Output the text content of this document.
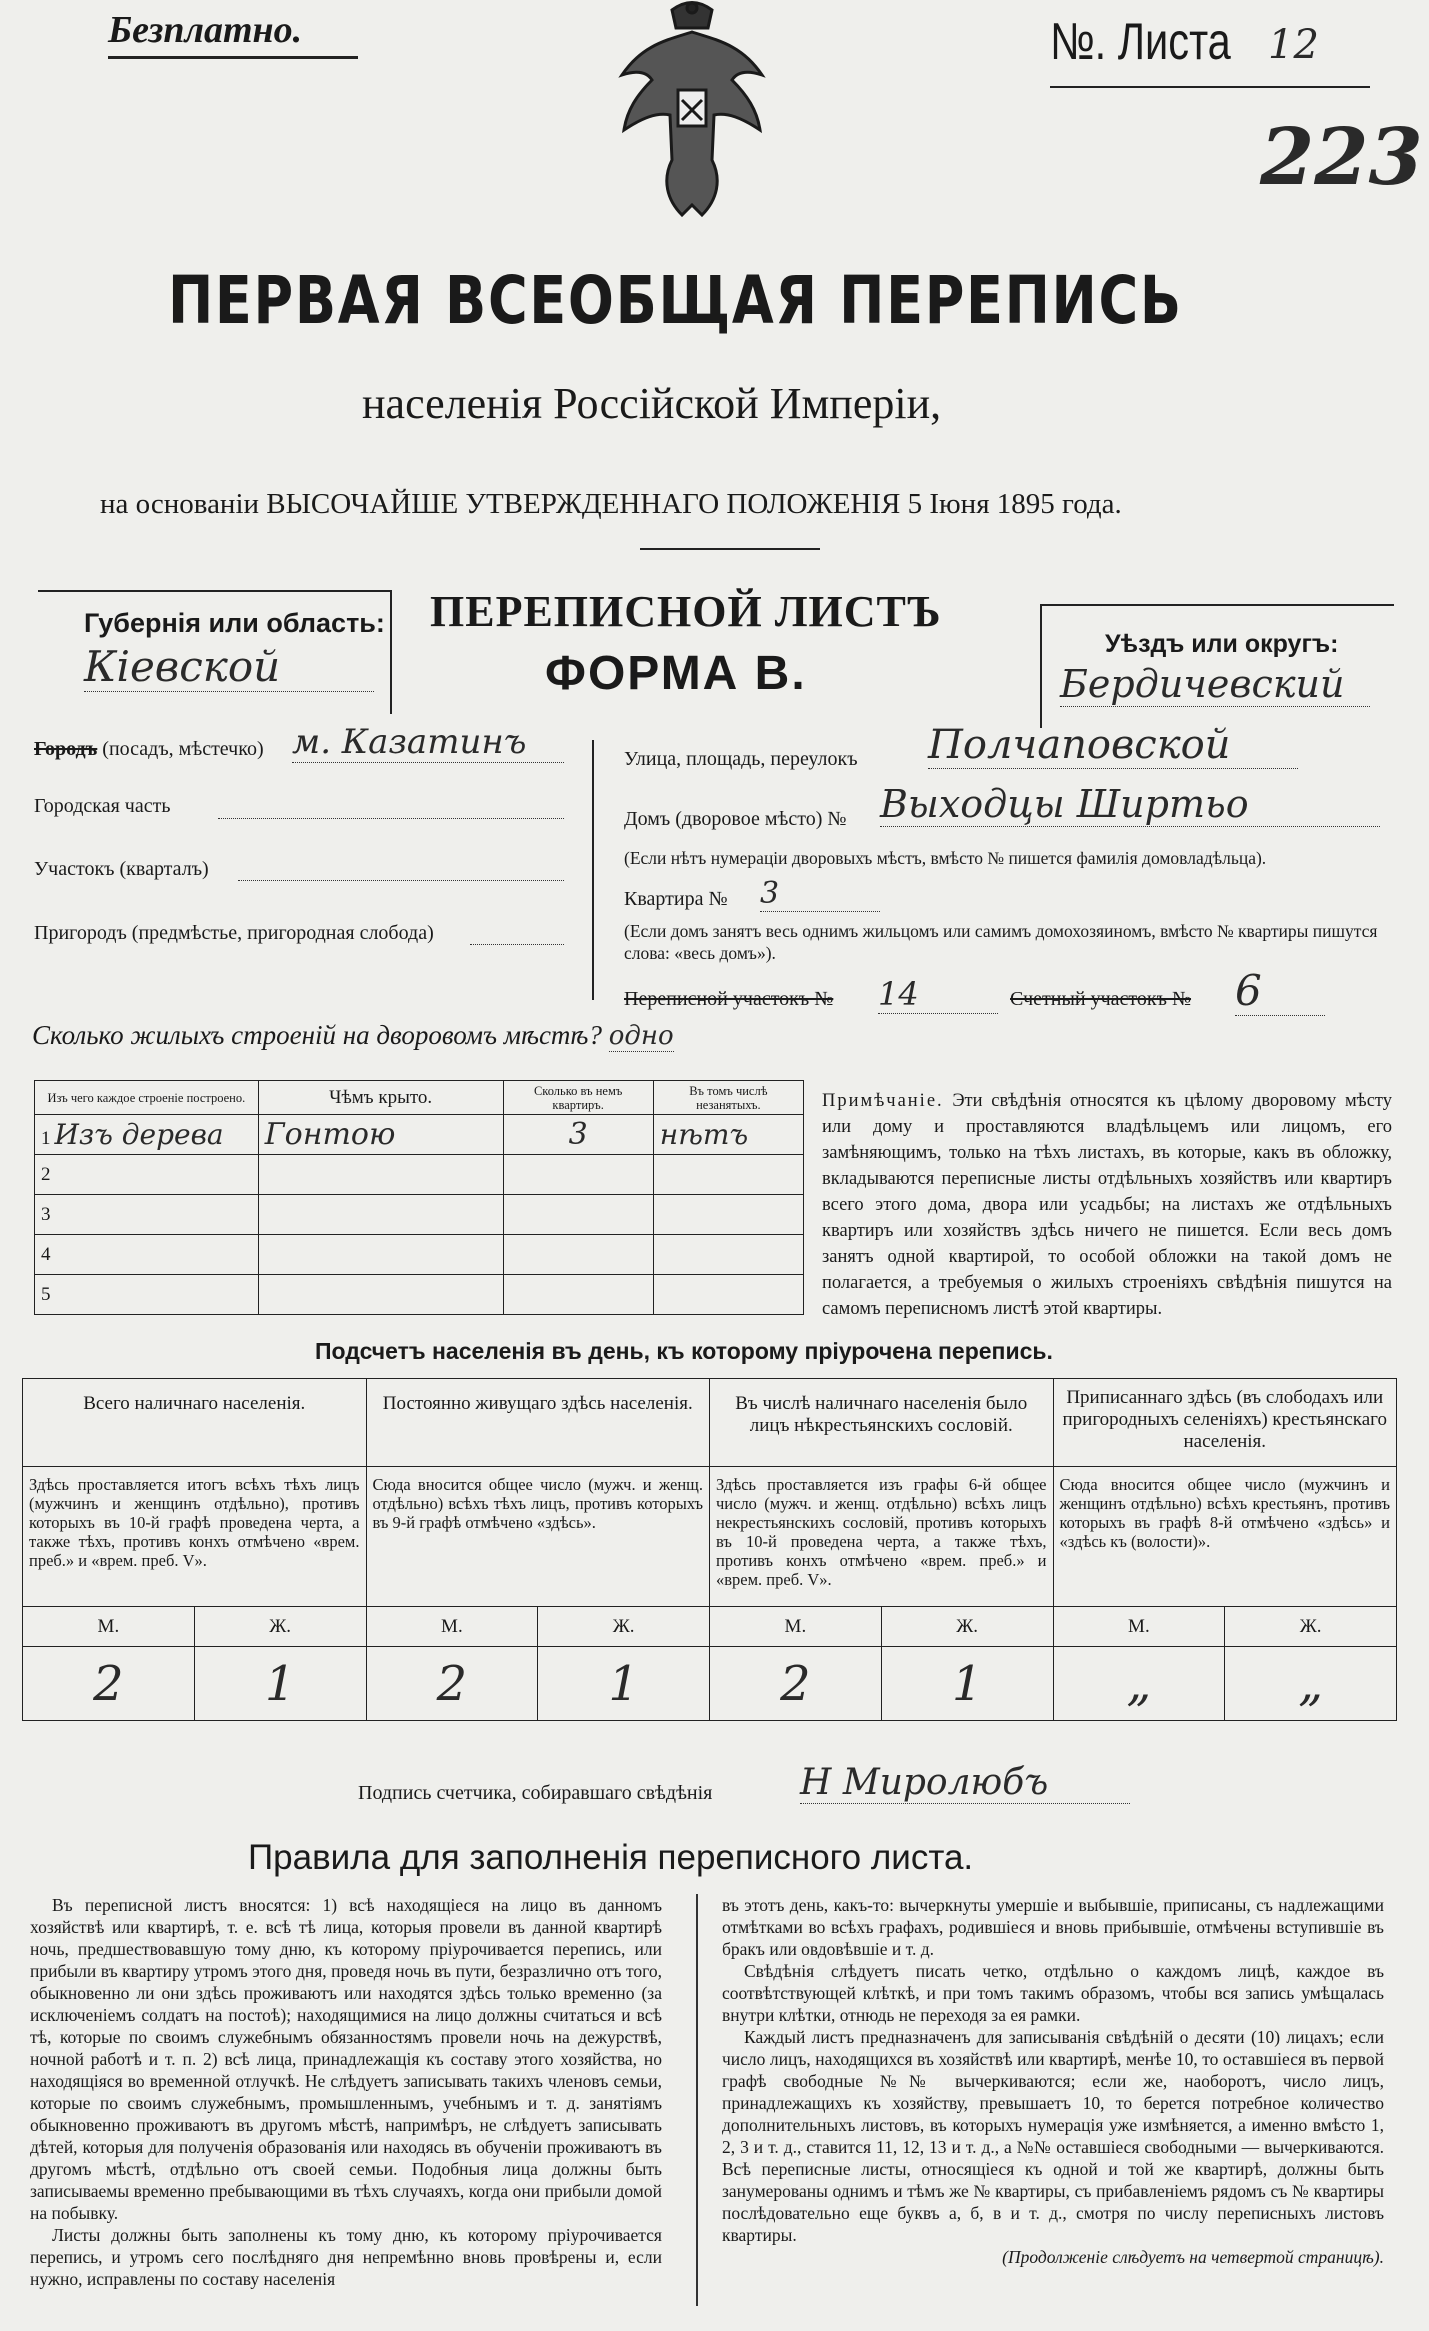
Безплатно.	№. Листа 12
223
ПЕРВАЯ ВСЕОБЩАЯ ПЕРЕПИСЬ
населенія Россійской Имперіи,
на основаніи ВЫСОЧАЙШЕ УТВЕРЖДЕННАГО ПОЛОЖЕНІЯ 5 Іюня 1895 года.
Губернія или область:
Кіевской
ПЕРЕПИСНОЙ ЛИСТЪ
ФОРМА В.
Уѣздъ или округъ:
Бердичевский
Городъ (посадъ, мѣстечко) м. Казатинъ
Городская часть
Участокъ (кварталъ)
Пригородъ (предмѣстье, пригородная слобода)
Улица, площадь, переулокъ Полчаповской
Домъ (дворовое мѣсто) № Выходцы Ширтьо
(Если нѣтъ нумераціи дворовыхъ мѣстъ, вмѣсто № пишется фамилія домовладѣльца).
Квартира № 3
(Если домъ занятъ весь однимъ жильцомъ или самимъ домохозяиномъ, вмѣсто № квартиры пишутся слова: «весь домъ»).
Переписной участокъ № 14	Счетный участокъ № 6
Сколько жилыхъ строеній на дворовомъ мѣстѣ? одно
Изъ чего каждое строеніе построено.	Чѣмъ крыто.	Сколько въ немъ квартиръ.	Въ томъ числѣ незанятыхъ.
1 Изъ дерева	Гонтою	3	нѣтъ
2			
3			
4			
5			
Примѣчаніе. Эти свѣдѣнія относятся къ цѣлому дворовому мѣсту или дому и проставляются владѣльцемъ или лицомъ, его замѣняющимъ, только на тѣхъ листахъ, въ которые, какъ въ обложку, вкладываются переписные листы отдѣльныхъ хозяйствъ или квартиръ всего этого дома, двора или усадьбы; на листахъ же отдѣльныхъ квартиръ или хозяйствъ здѣсь ничего не пишется. Если весь домъ занятъ одной квартирой, то особой обложки на такой домъ не полагается, а требуемыя о жилыхъ строеніяхъ свѣдѣнія пишутся на самомъ переписномъ листѣ этой квартиры.
Подсчетъ населенія въ день, къ которому пріурочена перепись.
Всего наличнаго населенія.		Постоянно живущаго здѣсь населенія.		Въ числѣ наличнаго населенія было лицъ нѣкрестьянскихъ сословій.		Приписаннаго здѣсь (въ слободахъ или пригородныхъ селеніяхъ) крестьянскаго населенія.	
Здѣсь проставляется итогъ всѣхъ тѣхъ лицъ (мужчинъ и женщинъ отдѣльно), противъ которыхъ въ 10-й графѣ проведена черта, а также тѣхъ, противъ конхъ отмѣчено «врем. преб.» и «врем. преб. V».		Сюда вносится общее число (мужч. и женщ. отдѣльно) всѣхъ тѣхъ лицъ, противъ которыхъ въ 9-й графѣ отмѣчено «здѣсь».		Здѣсь проставляется изъ графы 6-й общее число (мужч. и женщ. отдѣльно) всѣхъ лицъ некрестьянскихъ сословій, противъ которыхъ въ 10-й проведена черта, а также тѣхъ, противъ конхъ отмѣчено «врем. преб.» и «врем. преб. V».		Сюда вносится общее число (мужчинъ и женщинъ отдѣльно) всѣхъ крестьянъ, противъ которыхъ въ графѣ 8-й отмѣчено «здѣсь» и «здѣсь къ (волости)».	
М.	Ж.	М.	Ж.	М.	Ж.	М.	Ж.
2	1	2	1	2	1	„	„
Подпись счетчика, собиравшаго свѣдѣнія Н Миролюбъ
Правила для заполненія переписного листа.
Въ переписной листъ вносятся: 1) всѣ находящіеся на лицо въ данномъ хозяйствѣ или квартирѣ, т. е. всѣ тѣ лица, которыя провели въ данной квартирѣ ночь, предшествовавшую тому дню, къ которому пріурочивается перепись, или прибыли въ квартиру утромъ этого дня, проведя ночь въ пути, безразлично отъ того, обыкновенно ли они здѣсь проживаютъ или находятся здѣсь только временно (за исключеніемъ солдатъ на постоѣ); находящимися на лицо должны считаться и всѣ тѣ, которые по своимъ служебнымъ обязанностямъ провели ночь на дежурствѣ, ночной работѣ и т. п. 2) всѣ лица, принадлежащія къ составу этого хозяйства, но находящіяся во временной отлучкѣ. Не слѣдуетъ записывать такихъ членовъ семьи, которые по своимъ служебнымъ, промышленнымъ, учебнымъ и т. д. занятіямъ обыкновенно проживаютъ въ другомъ мѣстѣ, напримѣръ, не слѣдуетъ записывать дѣтей, которыя для полученія образованія или находясь въ обученіи проживаютъ въ другомъ мѣстѣ, отдѣльно отъ своей семьи. Подобныя лица должны быть записываемы временно пребывающими въ тѣхъ случаяхъ, когда они прибыли домой на побывку.
Листы должны быть заполнены къ тому дню, къ которому пріурочивается перепись, и утромъ сего послѣдняго дня непремѣнно вновь провѣрены и, если нужно, исправлены по составу населенія
въ этотъ день, какъ-то: вычеркнуты умершіе и выбывшіе, приписаны, съ надлежащими отмѣтками во всѣхъ графахъ, родившіеся и вновь прибывшіе, отмѣчены вступившіе въ бракъ или овдовѣвшіе и т. д.
Свѣдѣнія слѣдуетъ писать четко, отдѣльно о каждомъ лицѣ, каждое въ соотвѣтствующей клѣткѣ, и при томъ такимъ образомъ, чтобы вся запись умѣщалась внутри клѣтки, отнюдь не переходя за ея рамки.
Каждый листъ предназначенъ для записыванія свѣдѣній о десяти (10) лицахъ; если число лицъ, находящихся въ хозяйствѣ или квартирѣ, менѣе 10, то оставшіеся въ первой графѣ свободные №№ вычеркиваются; если же, наоборотъ, число лицъ, принадлежащихъ къ хозяйству, превышаетъ 10, то берется потребное количество дополнительныхъ листовъ, въ которыхъ нумерація уже измѣняется, а именно вмѣсто 1, 2, 3 и т. д., ставится 11, 12, 13 и т. д., а №№ оставшіеся свободными — вычеркиваются. Всѣ переписные листы, относящіеся къ одной и той же квартирѣ, должны быть занумерованы однимъ и тѣмъ же № квартиры, съ прибавленіемъ рядомъ съ № квартиры послѣдовательно еще буквъ а, б, в и т. д., смотря по числу переписныхъ листовъ квартиры.
(Продолженіе слѣдуетъ на четвертой страницѣ).
